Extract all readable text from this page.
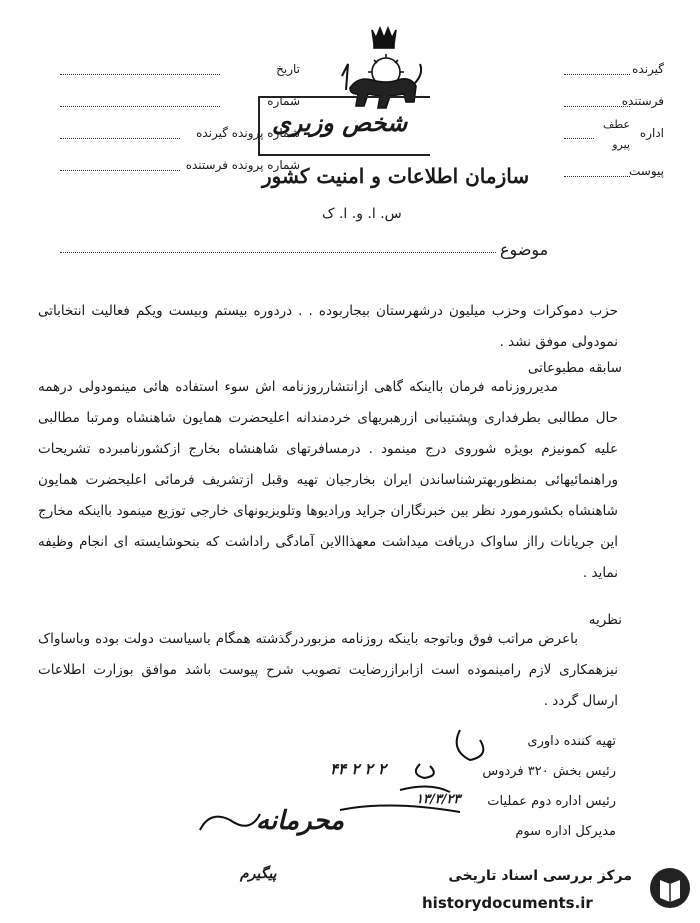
تاریخ
شماره
شماره پرونده گیرنده
شماره پرونده فرستنده
گیرنده
فرستنده
اداره
عطف
پیرو
پیوست
شخص وزیری
سازمان اطلاعات و امنیت کشور
س. ا. و. ا. ک
موضوع
حزب دموکرات وحزب میلیون درشهرستان بیجاربوده . . دردوره بیستم وبیست ویکم فعالیت انتخاباتی نمودولی موفق نشد .
سابقه مطبوعاتی
مدیرروزنامه فرمان بااینکه گاهی ازانتشارروزنامه اش سوء استفاده هائی مینمودولی درهمه حال مطالبی بطرفداری وپشتیبانی ازرهبریهای خردمندانه اعلیحضرت همایون شاهنشاه ومرتبا مطالبی علیه کمونیزم بویژه شوروی درج مینمود . درمسافرتهای شاهنشاه بخارج ازکشورنامبرده تشریحات وراهنمائیهائی بمنظوربهترشناساندن ایران بخارجیان تهیه وقبل ازتشریف فرمائی اعلیحضرت همایون شاهنشاه بکشورمورد نظر بین خبرنگاران جراید ورادیوها وتلویزیونهای خارجی توزیع مینمود بااینکه مخارج این جریانات رااز ساواک دریافت میداشت معهذاالاین آمادگی راداشت که بنحوشایسته ای انجام وظیفه نماید .
نظریه
باعرض مراتب فوق وباتوجه باینکه روزنامه مزبوردرگذشته همگام باسیاست دولت بوده وباساواک نیزهمکاری لازم رامینموده است ازابرازرضایت تصویب شرح پیوست باشد موافق بوزارت اطلاعات ارسال گردد .
تهیه کننده داوری
رئیس بخش ۳۲۰ فردوس
رئیس اداره دوم عملیات
مدیرکل اداره سوم
۲ ۲ ۲ ۴۴
۱۳/۳/۲۳
محرمانه
پیگیرم	مرکز بررسی اسناد تاریخی
historydocuments.ir
